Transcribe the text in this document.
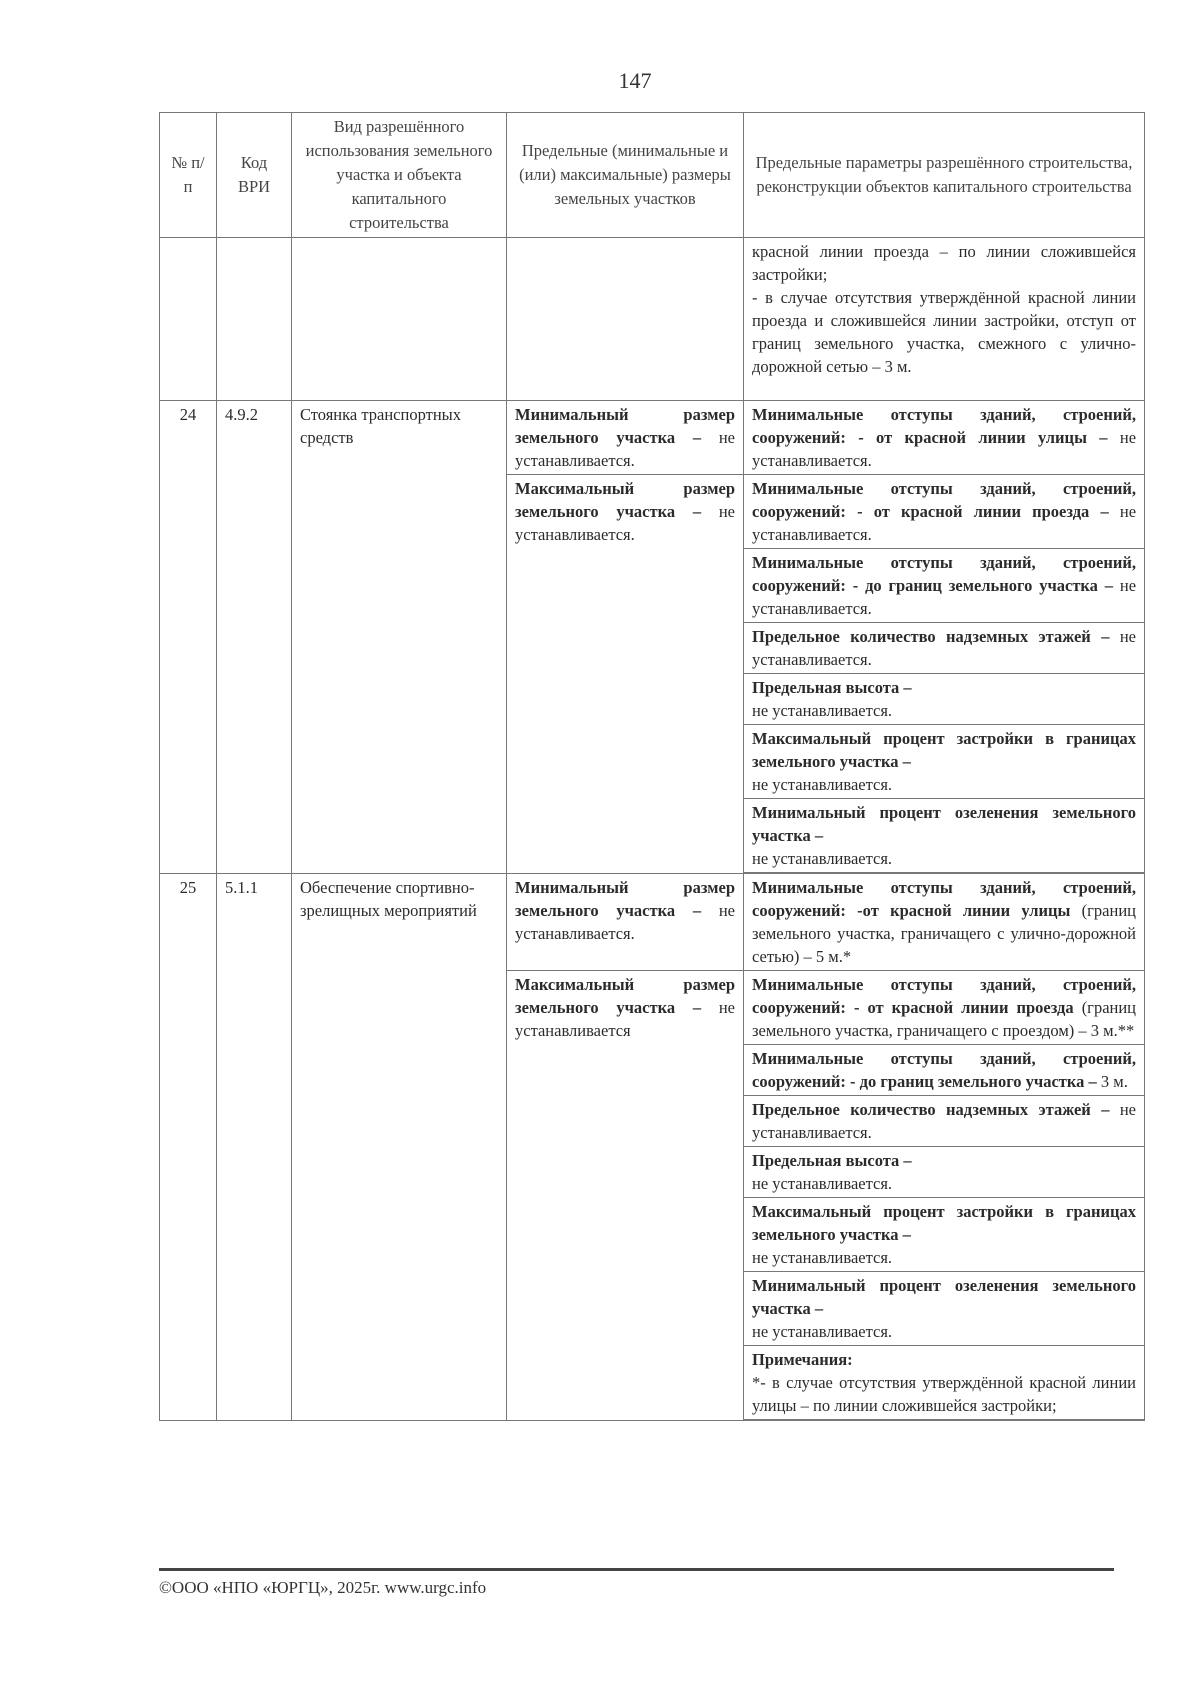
147
№ п/п	Код ВРИ	Вид разрешённого использования земельного участка и объекта капитального строительства	Предельные (минимальные и (или) максимальные) размеры земельных участков	Предельные параметры разрешённого строительства, реконструкции объектов капитального строительства

				красной линии проезда – по линии сложившейся застройки;
- в случае отсутствия утверждённой красной линии проезда и сложившейся линии застройки, отступ от границ земельного участка, смежного с улично-дорожной сетью – 3 м.

24	4.9.2	Стоянка транспортных средств	Минимальный размер земельного участка – не устанавливается.	Минимальные отступы зданий, строений, сооружений: - от красной линии улицы – не устанавливается.
			Максимальный размер земельного участка – не устанавливается.	Минимальные отступы зданий, строений, сооружений: - от красной линии проезда – не устанавливается.
				Минимальные отступы зданий, строений, сооружений: - до границ земельного участка – не устанавливается.
				Предельное количество надземных этажей – не устанавливается.
				Предельная высота –
не устанавливается.
				Максимальный процент застройки в границах земельного участка –
не устанавливается.
				Минимальный процент озеленения земельного участка –
не устанавливается.

25	5.1.1	Обеспечение спортивно-зрелищных мероприятий	Минимальный размер земельного участка – не устанавливается.	Минимальные отступы зданий, строений, сооружений: -от красной линии улицы (границ земельного участка, граничащего с улично-дорожной сетью) – 5 м.*
			Максимальный размер земельного участка – не устанавливается	Минимальные отступы зданий, строений, сооружений: - от красной линии проезда (границ земельного участка, граничащего с проездом) – 3 м.**
				Минимальные отступы зданий, строений, сооружений: - до границ земельного участка – 3 м.
				Предельное количество надземных этажей – не устанавливается.
				Предельная высота –
не устанавливается.
				Максимальный процент застройки в границах земельного участка –
не устанавливается.
				Минимальный процент озеленения земельного участка –
не устанавливается.

				Примечания:
*- в случае отсутствия утверждённой красной линии улицы – по линии сложившейся застройки;

©ООО «НПО «ЮРГЦ», 2025г. www.urgc.info
